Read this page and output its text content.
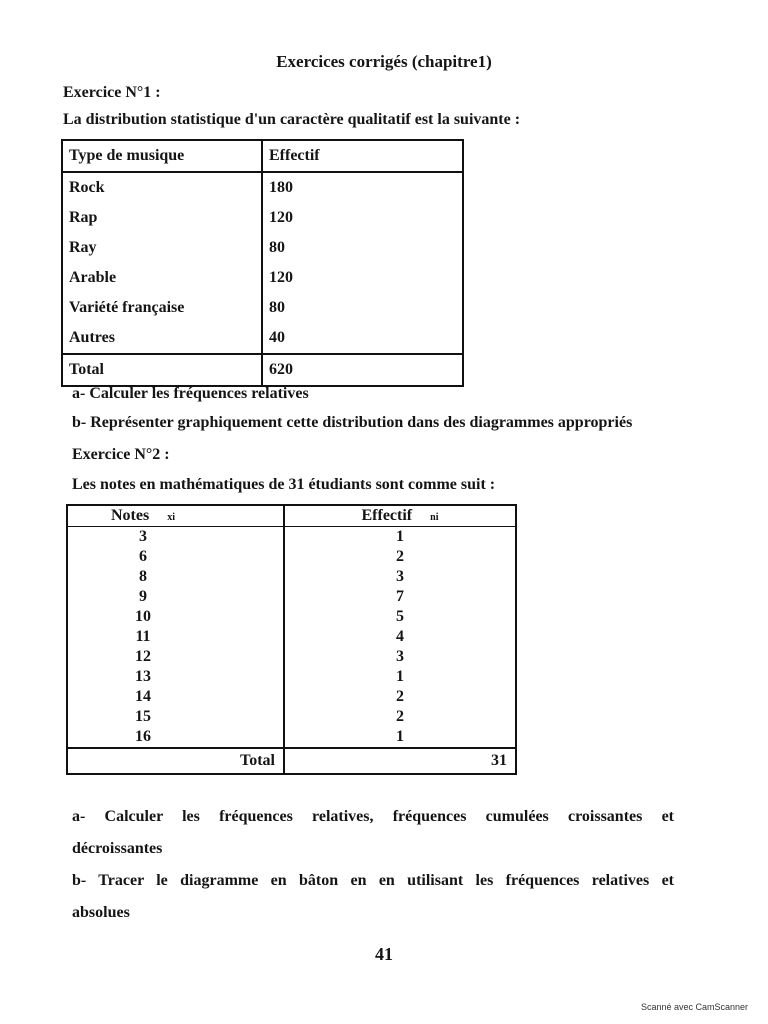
Exercices corrigés (chapitre1)
Exercice N°1 :
La distribution statistique d'un caractère qualitatif est la suivante :
Type de musique	Effectif
Rock	180
Rap	120
Ray	80
Arable	120
Variété française	80
Autres	40
Total	620
a- Calculer les fréquences relatives
b- Représenter graphiquement cette distribution dans des diagrammes appropriés
Exercice N°2 :
Les notes en mathématiques de 31 étudiants sont comme suit :
Notes xi	Effectif ni

3	1

6	2

8	3

9	7

10	5

11	4

12	3

13	1

14	2

15	2

16	1

Total	31
a- Calculer les fréquences relatives, fréquences cumulées croissantes et
décroissantes
b- Tracer le diagramme en bâton en en utilisant les fréquences relatives et
absolues
41
Scanné avec CamScanner
